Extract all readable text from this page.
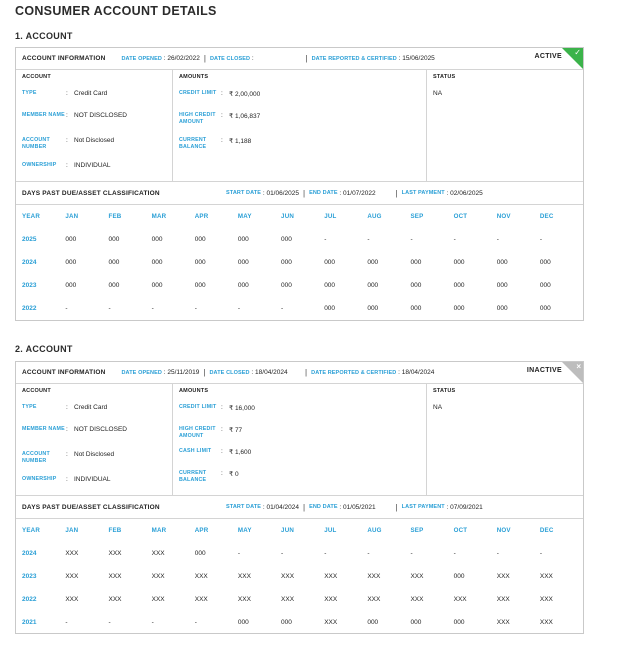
CONSUMER ACCOUNT DETAILS
1. ACCOUNT
ACCOUNT INFORMATION	DATE OPENED : 26/02/2022 | DATE CLOSED :	| DATE REPORTED & CERTIFIED : 15/06/2025	ACTIVE ✓
ACCOUNT
TYPE	: Credit Card
MEMBER NAME : NOT DISCLOSED
ACCOUNT NUMBER
: Not Disclosed
OWNERSHIP	: INDIVIDUAL
AMOUNTS
CREDIT LIMIT : ₹ 2,00,000
HIGH CREDIT AMOUNT
: ₹ 1,06,837
CURRENT BALANCE
: ₹ 1,188
STATUS
NA
DAYS PAST DUE/ASSET CLASSIFICATION	START DATE : 01/06/2025 | END DATE : 01/07/2022	| LAST PAYMENT : 02/06/2025
YEAR	JAN	FEB	MAR	APR	MAY	JUN	JUL	AUG	SEP	OCT	NOV	DEC
2025	000	000	000	000	000	000	-	-	-	-	-	-
2024	000	000	000	000	000	000	000	000	000	000	000	000
2023	000	000	000	000	000	000	000	000	000	000	000	000
2022	-	-	-	-	-	-	000	000	000	000	000	000
2. ACCOUNT
ACCOUNT INFORMATION	DATE OPENED : 25/11/2019 | DATE CLOSED : 18/04/2024	| DATE REPORTED & CERTIFIED : 18/04/2024	INACTIVE ×
ACCOUNT
TYPE	: Credit Card
MEMBER NAME : NOT DISCLOSED
ACCOUNT NUMBER
: Not Disclosed
OWNERSHIP	: INDIVIDUAL
AMOUNTS
CREDIT LIMIT : ₹ 16,000
HIGH CREDIT AMOUNT
: ₹ 77
CASH LIMIT	: ₹ 1,600
CURRENT BALANCE
: ₹ 0
STATUS
NA
DAYS PAST DUE/ASSET CLASSIFICATION	START DATE : 01/04/2024 | END DATE : 01/05/2021	| LAST PAYMENT : 07/09/2021
YEAR	JAN	FEB	MAR	APR	MAY	JUN	JUL	AUG	SEP	OCT	NOV	DEC
2024	XXX	XXX	XXX	000	-	-	-	-	-	-	-	-
2023	XXX	XXX	XXX	XXX	XXX	XXX	XXX	XXX	XXX	000	XXX	XXX
2022	XXX	XXX	XXX	XXX	XXX	XXX	XXX	XXX	XXX	XXX	XXX	XXX
2021	-	-	-	-	000	000	XXX	000	000	000	XXX	XXX
